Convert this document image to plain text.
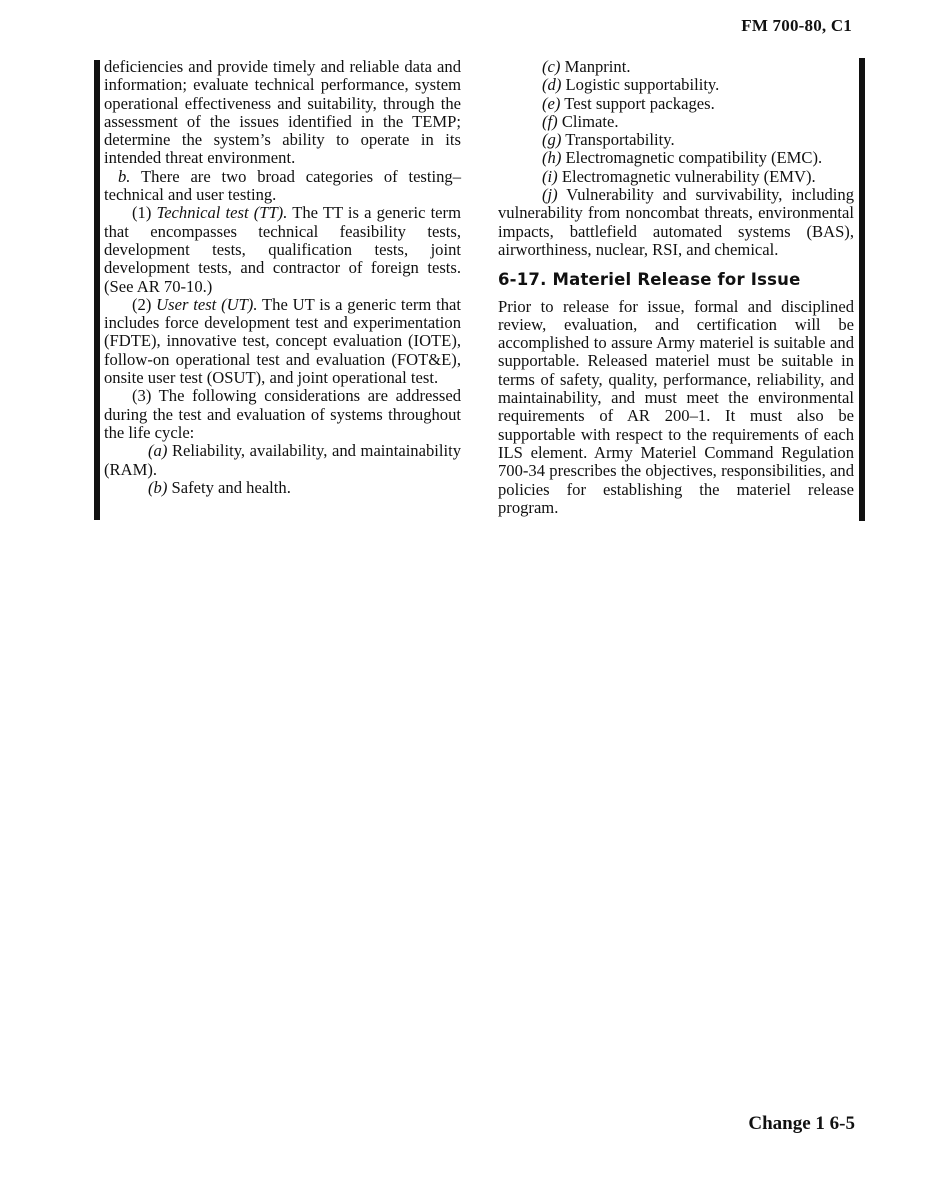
FM 700-80, C1

deficiencies and provide timely and reliable data and information; evaluate technical performance, system operational effectiveness and suitability, through the assessment of the issues identified in the TEMP; determine the system’s ability to operate in its intended threat environment.

b. There are two broad categories of testing–technical and user testing.

(1) Technical test (TT). The TT is a generic term that encompasses technical feasibility tests, development tests, qualification tests, joint development tests, and contractor of foreign tests. (See AR 70-10.)

(2) User test (UT). The UT is a generic term that includes force development test and experimentation (FDTE), innovative test, concept evaluation (IOTE), follow-on operational test and evaluation (FOT&E), onsite user test (OSUT), and joint operational test.

(3) The following considerations are addressed during the test and evaluation of systems throughout the life cycle:

(a) Reliability, availability, and maintainability (RAM).

(b) Safety and health.

(c) Manprint.

(d) Logistic supportability.

(e) Test support packages.

(f) Climate.

(g) Transportability.

(h) Electromagnetic compatibility (EMC).

(i) Electromagnetic vulnerability (EMV).

(j) Vulnerability and survivability, including vulnerability from noncombat threats, environmental impacts, battlefield automated systems (BAS), airworthiness, nuclear, RSI, and chemical.

6-17. Materiel Release for Issue

Prior to release for issue, formal and disciplined review, evaluation, and certification will be accomplished to assure Army materiel is suitable and supportable. Released materiel must be suitable in terms of safety, quality, performance, reliability, and maintainability, and must meet the environmental requirements of AR 200–1. It must also be supportable with respect to the requirements of each ILS element. Army Materiel Command Regulation 700-34 prescribes the objectives, responsibilities, and policies for establishing the materiel release program.

Change 1 6-5
